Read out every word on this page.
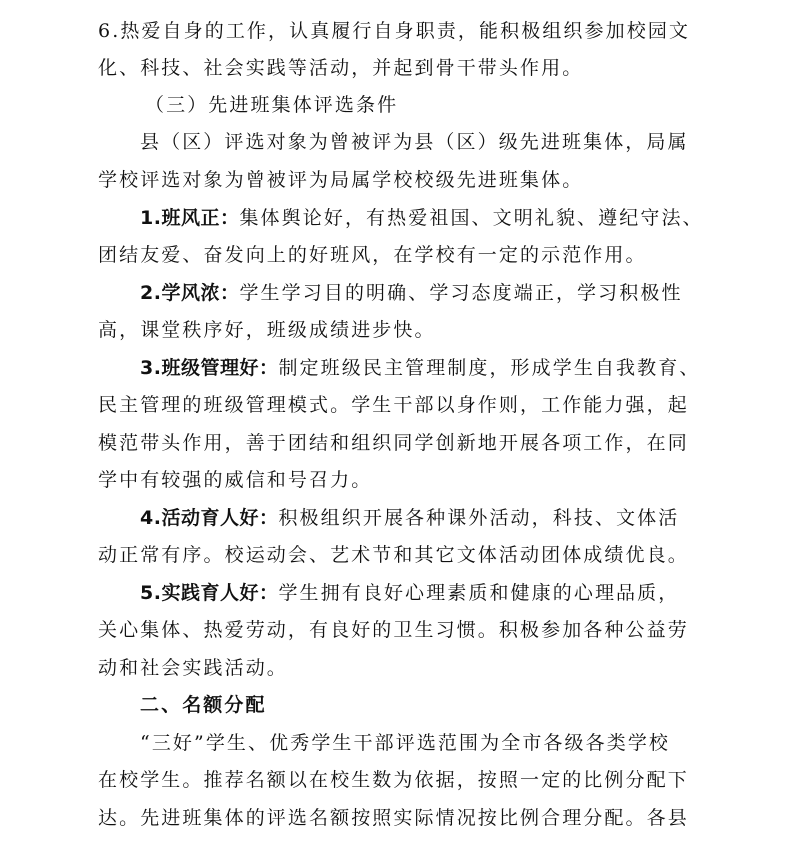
6.热爱自身的工作，认真履行自身职责，能积极组织参加校园文
化、科技、社会实践等活动，并起到骨干带头作用。
（三）先进班集体评选条件
县（区）评选对象为曾被评为县（区）级先进班集体，局属
学校评选对象为曾被评为局属学校校级先进班集体。
1.班风正：集体舆论好，有热爱祖国、文明礼貌、遵纪守法、
团结友爱、奋发向上的好班风，在学校有一定的示范作用。
2.学风浓：学生学习目的明确、学习态度端正，学习积极性
高，课堂秩序好，班级成绩进步快。
3.班级管理好：制定班级民主管理制度，形成学生自我教育、
民主管理的班级管理模式。学生干部以身作则，工作能力强，起
模范带头作用，善于团结和组织同学创新地开展各项工作，在同
学中有较强的威信和号召力。
4.活动育人好：积极组织开展各种课外活动，科技、文体活
动正常有序。校运动会、艺术节和其它文体活动团体成绩优良。
5.实践育人好：学生拥有良好心理素质和健康的心理品质，
关心集体、热爱劳动，有良好的卫生习惯。积极参加各种公益劳
动和社会实践活动。
二、名额分配
“三好”学生、优秀学生干部评选范围为全市各级各类学校
在校学生。推荐名额以在校生数为依据，按照一定的比例分配下
达。先进班集体的评选名额按照实际情况按比例合理分配。各县
